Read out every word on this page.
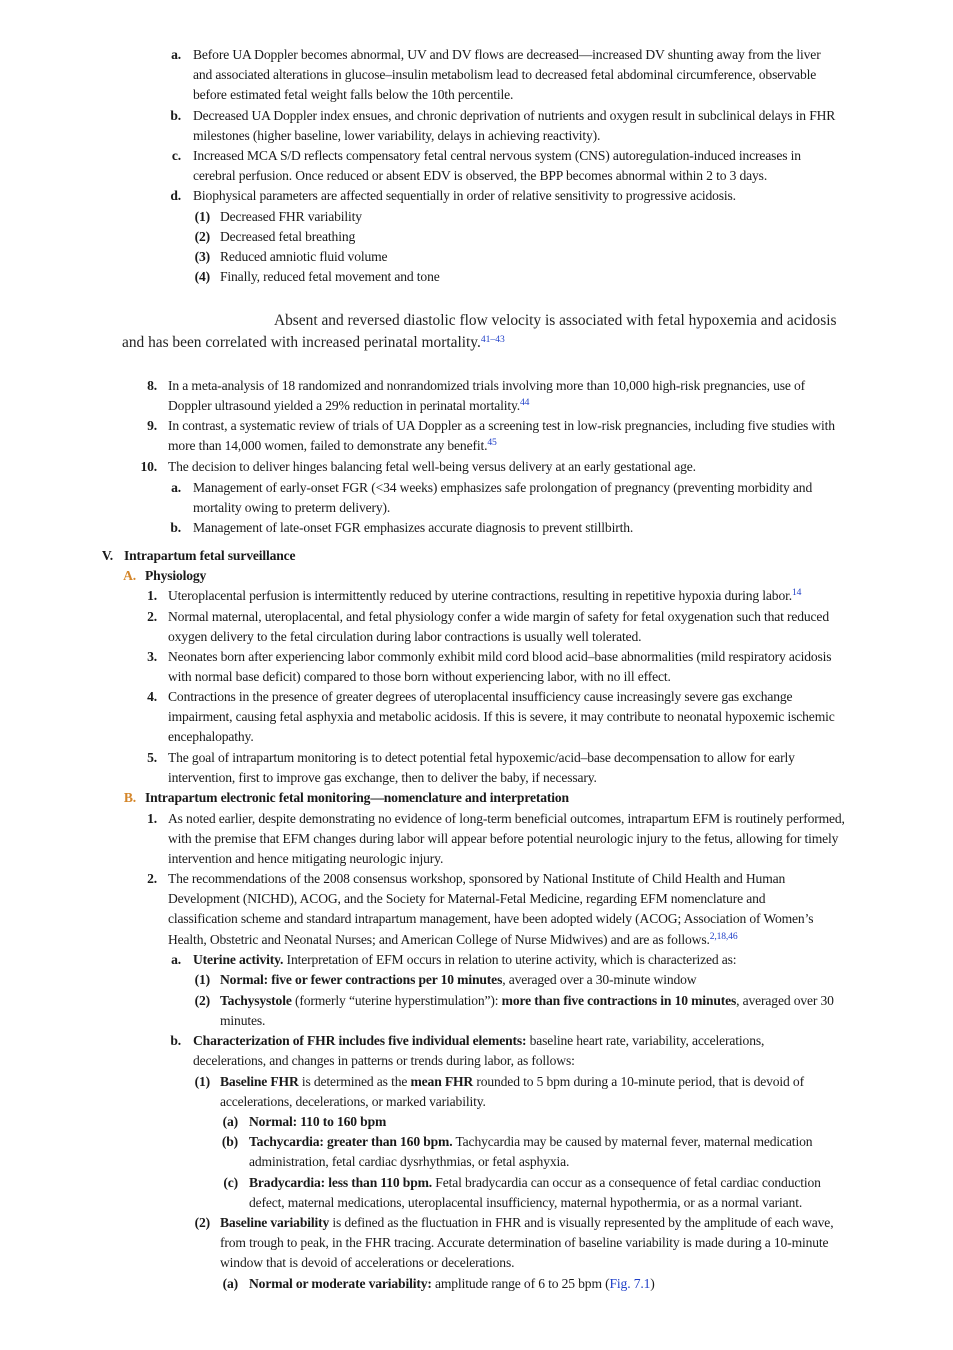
a. Before UA Doppler becomes abnormal, UV and DV flows are decreased—increased DV shunting away from the liver

and associated alterations in glucose–insulin metabolism lead to decreased fetal abdominal circumference, observable

before estimated fetal weight falls below the 10th percentile.

b. Decreased UA Doppler index ensues, and chronic deprivation of nutrients and oxygen result in subclinical delays in FHR

milestones (higher baseline, lower variability, delays in achieving reactivity).

c. Increased MCA S/D reflects compensatory fetal central nervous system (CNS) autoregulation-induced increases in

cerebral perfusion. Once reduced or absent EDV is observed, the BPP becomes abnormal within 2 to 3 days.

d. Biophysical parameters are affected sequentially in order of relative sensitivity to progressive acidosis.

(1) Decreased FHR variability
(2) Decreased fetal breathing
(3) Reduced amniotic fluid volume
(4) Finally, reduced fetal movement and tone
Absent and reversed diastolic flow velocity is associated with fetal hypoxemia and acidosis
and has been correlated with increased perinatal mortality.$^{41-43}$
8. In a meta-analysis of 18 randomized and nonrandomized trials involving more than 10,000 high-risk pregnancies, use of

Doppler ultrasound yielded a 29% reduction in perinatal mortality.$^{44}$

9. In contrast, a systematic review of trials of UA Doppler as a screening test in low-risk pregnancies, including five studies with

more than 14,000 women, failed to demonstrate any benefit.$^{45}$

10. The decision to deliver hinges balancing fetal well-being versus delivery at an early gestational age.
a. Management of early-onset FGR (<34 weeks) emphasizes safe prolongation of pregnancy (preventing morbidity and

mortality owing to preterm delivery).

b. Management of late-onset FGR emphasizes accurate diagnosis to prevent stillbirth.
V. Intrapartum fetal surveillance
A. Physiology
1. Uteroplacental perfusion is intermittently reduced by uterine contractions, resulting in repetitive hypoxia during labor.$^{14}$
2. Normal maternal, uteroplacental, and fetal physiology confer a wide margin of safety for fetal oxygenation such that reduced

oxygen delivery to the fetal circulation during labor contractions is usually well tolerated.

3. Neonates born after experiencing labor commonly exhibit mild cord blood acid–base abnormalities (mild respiratory acidosis

with normal base deficit) compared to those born without experiencing labor, with no ill effect.

4. Contractions in the presence of greater degrees of uteroplacental insufficiency cause increasingly severe gas exchange

impairment, causing fetal asphyxia and metabolic acidosis. If this is severe, it may contribute to neonatal hypoxemic ischemic

encephalopathy.

5. The goal of intrapartum monitoring is to detect potential fetal hypoxemic/acid–base decompensation to allow for early

intervention, first to improve gas exchange, then to deliver the baby, if necessary.

B. Intrapartum electronic fetal monitoring—nomenclature and interpretation
1. As noted earlier, despite demonstrating no evidence of long-term beneficial outcomes, intrapartum EFM is routinely performed,

with the premise that EFM changes during labor will appear before potential neurologic injury to the fetus, allowing for timely

intervention and hence mitigating neurologic injury.

2. The recommendations of the 2008 consensus workshop, sponsored by National Institute of Child Health and Human

Development (NICHD), ACOG, and the Society for Maternal-Fetal Medicine, regarding EFM nomenclature and

classification scheme and standard intrapartum management, have been adopted widely (ACOG; Association of Women’s

Health, Obstetric and Neonatal Nurses; and American College of Nurse Midwives) and are as follows.$^{2,18,46}$

a. Uterine activity. Interpretation of EFM occurs in relation to uterine activity, which is characterized as:
(1) Normal: five or fewer contractions per 10 minutes, averaged over a 30-minute window
(2) Tachysystole (formerly “uterine hyperstimulation”): more than five contractions in 10 minutes, averaged over 30

minutes.

b. Characterization of FHR includes five individual elements: baseline heart rate, variability, accelerations,

decelerations, and changes in patterns or trends during labor, as follows:

(1) Baseline FHR is determined as the mean FHR rounded to 5 bpm during a 10-minute period, that is devoid of

accelerations, decelerations, or marked variability.

(a) Normal: 110 to 160 bpm
(b) Tachycardia: greater than 160 bpm. Tachycardia may be caused by maternal fever, maternal medication

administration, fetal cardiac dysrhythmias, or fetal asphyxia.

(c) Bradycardia: less than 110 bpm. Fetal bradycardia can occur as a consequence of fetal cardiac conduction

defect, maternal medications, uteroplacental insufficiency, maternal hypothermia, or as a normal variant.

(2) Baseline variability is defined as the fluctuation in FHR and is visually represented by the amplitude of each wave,

from trough to peak, in the FHR tracing. Accurate determination of baseline variability is made during a 10-minute

window that is devoid of accelerations or decelerations.

(a) Normal or moderate variability: amplitude range of 6 to 25 bpm (Fig. 7.1)
